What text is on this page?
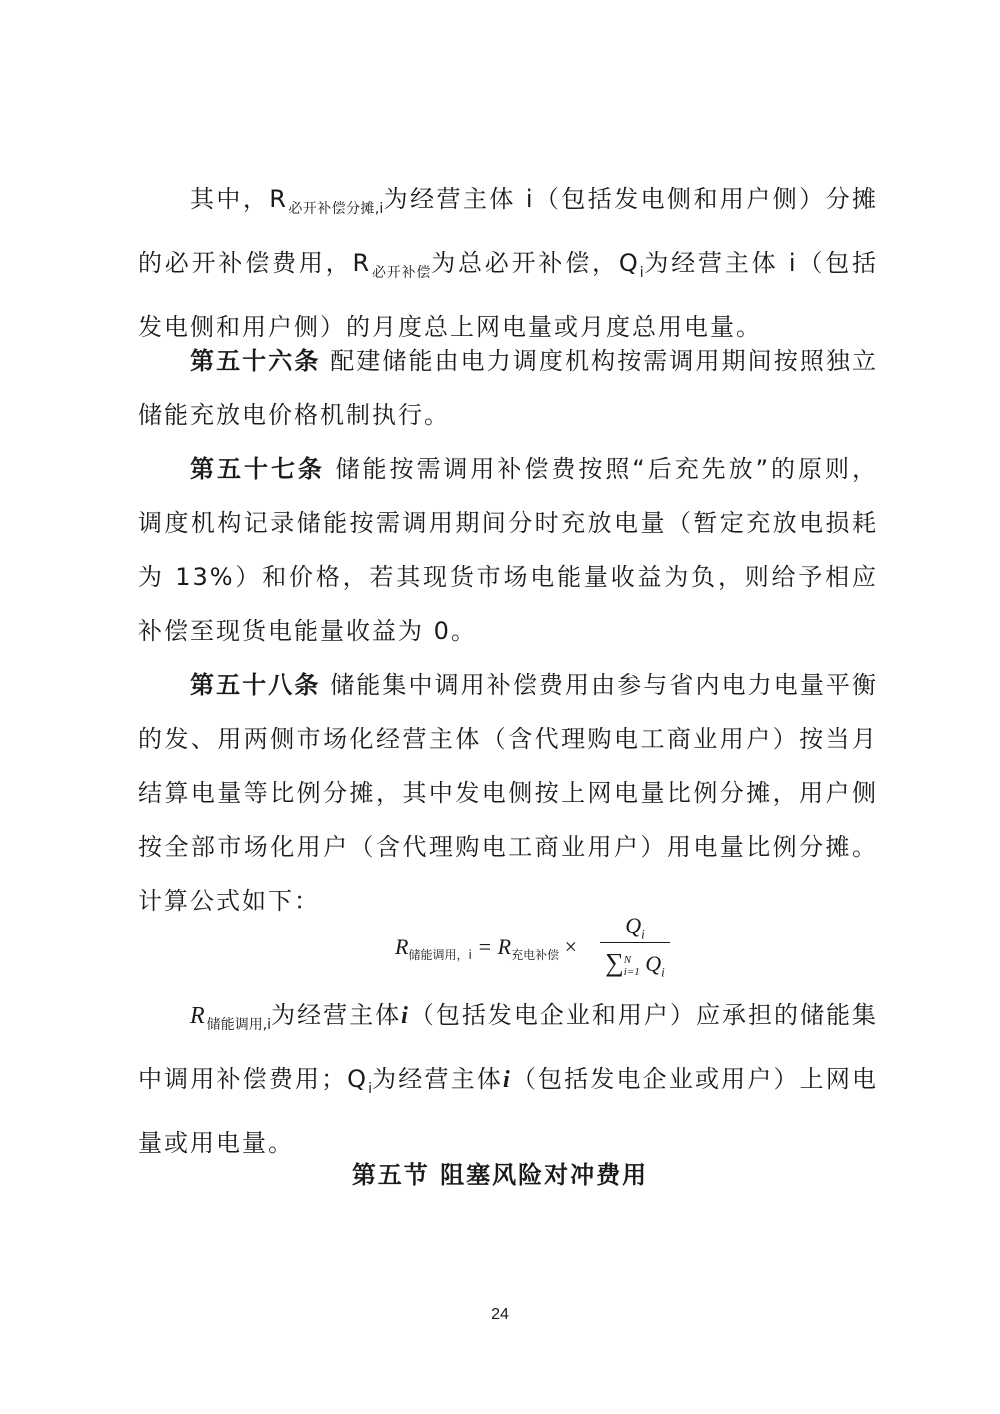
其中，$R_{必开补偿分摊,i}$为经营主体 i（包括发电侧和用户侧）分摊的必开补偿费用，$R_{必开补偿}$为总必开补偿，$Q_i$为经营主体 i（包括发电侧和用户侧）的月度总上网电量或月度总用电量。

第五十六条 配建储能由电力调度机构按需调用期间按照独立储能充放电价格机制执行。

第五十七条 储能按需调用补偿费按照“后充先放”的原则，调度机构记录储能按需调用期间分时充放电量（暂定充放电损耗为 13%）和价格，若其现货市场电能量收益为负，则给予相应补偿至现货电能量收益为 0。

第五十八条 储能集中调用补偿费用由参与省内电力电量平衡的发、用两侧市场化经营主体（含代理购电工商业用户）按当月结算电量等比例分摊，其中发电侧按上网电量比例分摊，用户侧按全部市场化用户（含代理购电工商业用户）用电量比例分摊。计算公式如下：

$R_{储能调用,i} = R_{充电补偿}$ ×
$Q_i$
∑ N
i=1 $Q_i$

$R_{储能调用,i}$为经营主体i（包括发电企业和用户）应承担的储能集中调用补偿费用；$Q_i$为经营主体i（包括发电企业或用户）上网电量或用电量。

第五节 阻塞风险对冲费用
24
